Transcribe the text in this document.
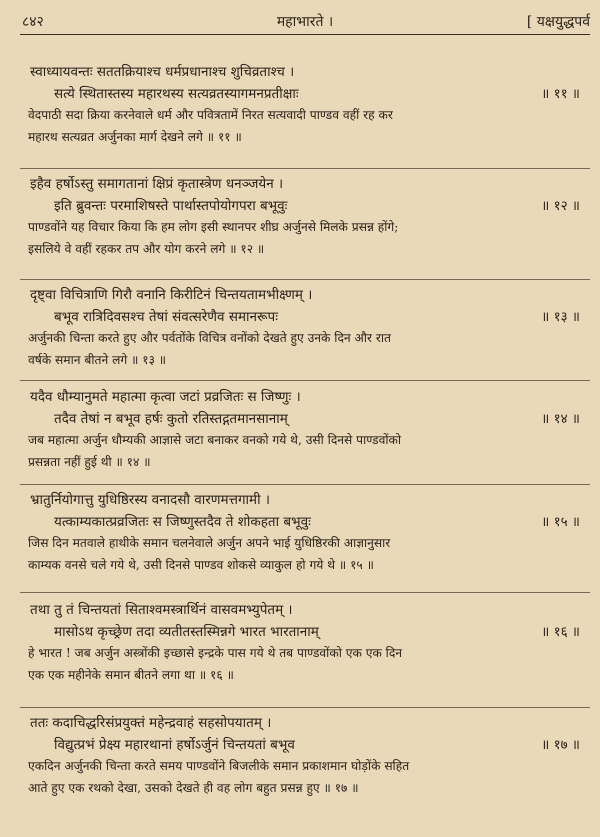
८४२	महाभारते ।	[ यक्षयुद्धपर्व
स्वाध्यायवन्तः सततक्रियाश्च धर्मप्रधानाश्च शुचिव्रताश्च ।
सत्ये स्थितास्तस्य महारथस्य सत्यव्रतस्यागमनप्रतीक्षाः	॥ ११ ॥
वेदपाठी सदा क्रिया करनेवाले धर्म और पवित्रतामें निरत सत्यवादी पाण्डव वहीं रह कर
महारथ सत्यव्रत अर्जुनका मार्ग देखने लगे ॥ ११ ॥
इहैव हर्षोऽस्तु समागतानां क्षिप्रं कृतास्त्रेण धनञ्जयेन ।
इति ब्रुवन्तः परमाशिषस्ते पार्थास्तपोयोगपरा बभूवुः	॥ १२ ॥
पाण्डवोंने यह विचार किया कि हम लोग इसी स्थानपर शीघ्र अर्जुनसे मिलके प्रसन्न होंगे;
इसलिये वे वहीं रहकर तप और योग करने लगे ॥ १२ ॥
दृष्ट्वा विचित्राणि गिरौ वनानि किरीटिनं चिन्तयतामभीक्ष्णम् ।
बभूव रात्रिदिवसश्च तेषां संवत्सरेणैव समानरूपः	॥ १३ ॥
अर्जुनकी चिन्ता करते हुए और पर्वतोंके विचित्र वनोंको देखते हुए उनके दिन और रात
वर्षके समान बीतने लगे ॥ १३ ॥
यदैव धौम्यानुमते महात्मा कृत्वा जटां प्रव्रजितः स जिष्णुः ।
तदैव तेषां न बभूव हर्षः कुतो रतिस्तद्गतमानसानाम्	॥ १४ ॥
जब महात्मा अर्जुन धौम्यकी आज्ञासे जटा बनाकर वनको गये थे, उसी दिनसे पाण्डवोंको
प्रसन्नता नहीं हुई थी ॥ १४ ॥
भ्रातुर्नियोगात्तु युधिष्ठिरस्य वनादसौ वारणमत्तगामी ।
यत्काम्यकात्प्रव्रजितः स जिष्णुस्तदैव ते शोकहता बभूवुः	॥ १५ ॥
जिस दिन मतवाले हाथीके समान चलनेवाले अर्जुन अपने भाई युधिष्ठिरकी आज्ञानुसार
काम्यक वनसे चले गये थे, उसी दिनसे पाण्डव शोकसे व्याकुल हो गये थे ॥ १५ ॥
तथा तु तं चिन्तयतां सिताश्वमस्त्रार्थिनं वासवमभ्युपेतम् ।
मासोऽथ कृच्छ्रेण तदा व्यतीतस्तस्मिन्नगे भारत भारतानाम्	॥ १६ ॥
हे भारत ! जब अर्जुन अस्त्रोंकी इच्छासे इन्द्रके पास गये थे तब पाण्डवोंको एक एक दिन
एक एक महीनेके समान बीतने लगा था ॥ १६ ॥
ततः कदाचिद्धरिसंप्रयुक्तं महेन्द्रवाहं सहसोपयातम् ।
विद्युत्प्रभं प्रेक्ष्य महारथानां हर्षोऽर्जुनं चिन्तयतां बभूव	॥ १७ ॥
एकदिन अर्जुनकी चिन्ता करते समय पाण्डवोंने बिजलीके समान प्रकाशमान घोड़ोंके सहित
आते हुए एक रथको देखा, उसको देखते ही वह लोग बहुत प्रसन्न हुए ॥ १७ ॥
